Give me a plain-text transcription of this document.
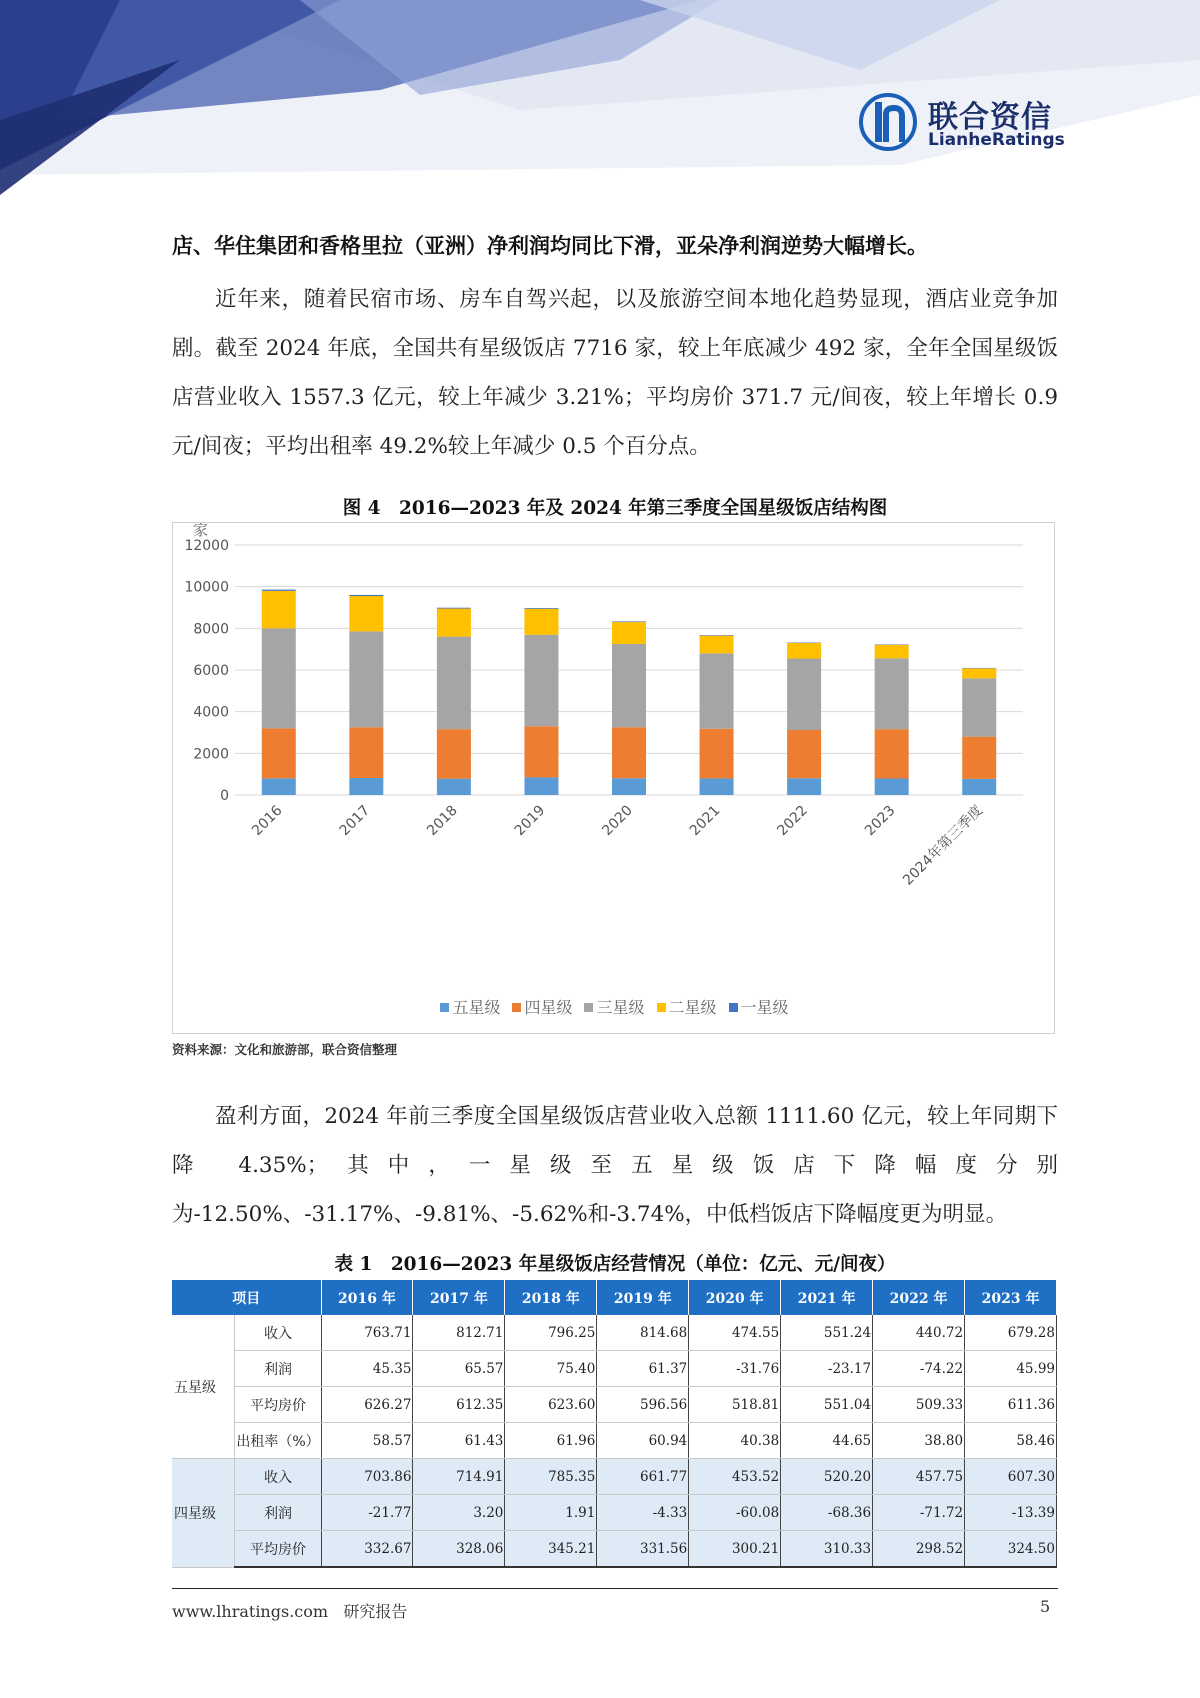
联合资信
LianheRatings
店、华住集团和香格里拉（亚洲）净利润均同比下滑，亚朵净利润逆势大幅增长。

近年来，随着民宿市场、房车自驾兴起，以及旅游空间本地化趋势显现，酒店业竞争加剧。截至 2024 年底，全国共有星级饭店 7716 家，较上年底减少 492 家，全年全国星级饭店营业收入 1557.3 亿元，较上年减少 3.21%；平均房价 371.7 元/间夜，较上年增长 0.9 元/间夜；平均出租率 49.2%较上年减少 0.5 个百分点。

图 4　2016—2023 年及 2024 年第三季度全国星级饭店结构图
家
0
2000
4000
6000
8000
10000
12000
2016	2017	2018	2019	2020	2021	2022	2023 2024年第三季度
五星级 四星级 三星级 二星级 一星级
资料来源：文化和旅游部，联合资信整理

盈利方面，2024 年前三季度全国星级饭店营业收入总额 1111.60 亿元，较上年同期下降 4.35%；其中，一星级至五星级饭店下降幅度分别为-12.50%、-31.17%、-9.81%、-5.62%和-3.74%，中低档饭店下降幅度更为明显。

表 1　2016—2023 年星级饭店经营情况（单位：亿元、元/间夜）
项目		2016 年	2017 年	2018 年	2019 年	2020 年	2021 年	2022 年	2023 年
五星级	收入	763.71	812.71	796.25	814.68	474.55	551.24	440.72	679.28
	利润	45.35	65.57	75.40	61.37	-31.76	-23.17	-74.22	45.99
	平均房价	626.27	612.35	623.60	596.56	518.81	551.04	509.33	611.36
	出租率（%）	58.57	61.43	61.96	60.94	40.38	44.65	38.80	58.46
四星级	收入	703.86	714.91	785.35	661.77	453.52	520.20	457.75	607.30
	利润	-21.77	3.20	1.91	-4.33	-60.08	-68.36	-71.72	-13.39
	平均房价	332.67	328.06	345.21	331.56	300.21	310.33	298.52	324.50
www.lhratings.com 研究报告	5
